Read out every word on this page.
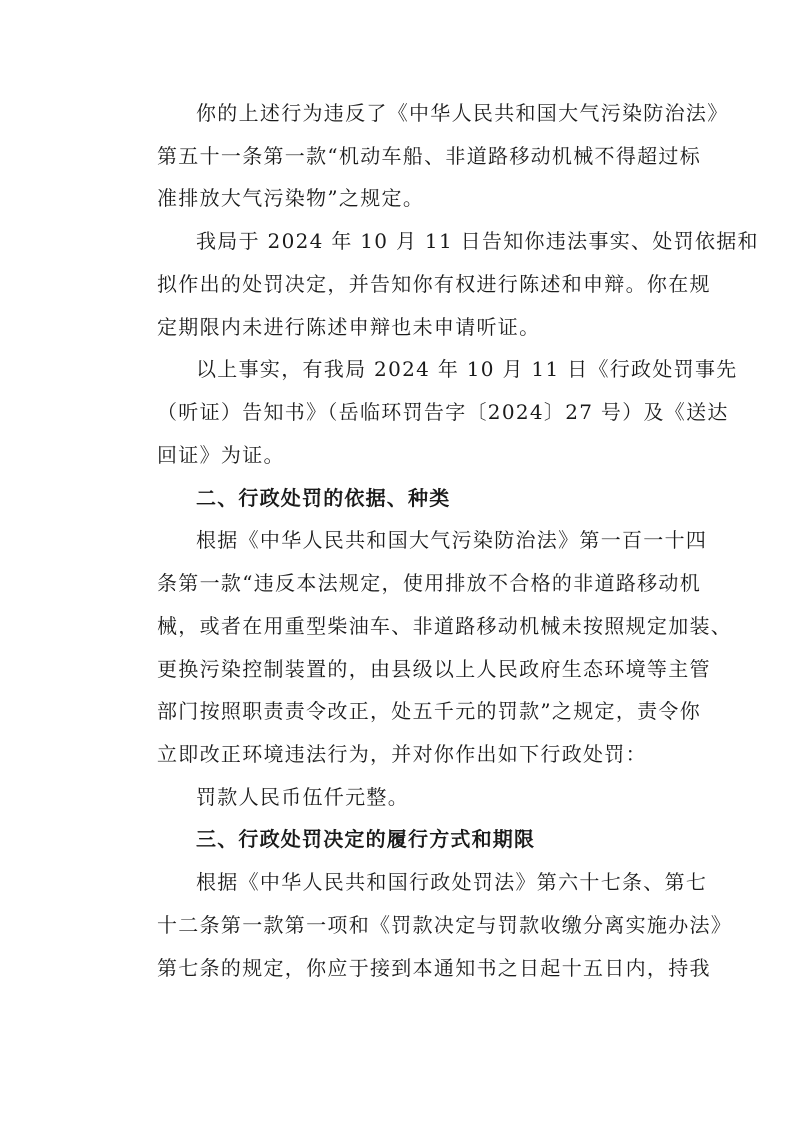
你的上述行为违反了《中华人民共和国大气污染防治法》
第五十一条第一款“机动车船、非道路移动机械不得超过标
准排放大气污染物”之规定。
我局于 2024 年 10 月 11 日告知你违法事实、处罚依据和
拟作出的处罚决定，并告知你有权进行陈述和申辩。你在规
定期限内未进行陈述申辩也未申请听证。
以上事实，有我局 2024 年 10 月 11 日《行政处罚事先
（听证）告知书》（岳临环罚告字〔2024〕27 号）及《送达
回证》为证。
二、行政处罚的依据、种类
根据《中华人民共和国大气污染防治法》第一百一十四
条第一款“违反本法规定，使用排放不合格的非道路移动机
械，或者在用重型柴油车、非道路移动机械未按照规定加装、
更换污染控制装置的，由县级以上人民政府生态环境等主管
部门按照职责责令改正，处五千元的罚款”之规定，责令你
立即改正环境违法行为，并对你作出如下行政处罚：
罚款人民币伍仟元整。
三、行政处罚决定的履行方式和期限
根据《中华人民共和国行政处罚法》第六十七条、第七
十二条第一款第一项和《罚款决定与罚款收缴分离实施办法》
第七条的规定，你应于接到本通知书之日起十五日内，持我
